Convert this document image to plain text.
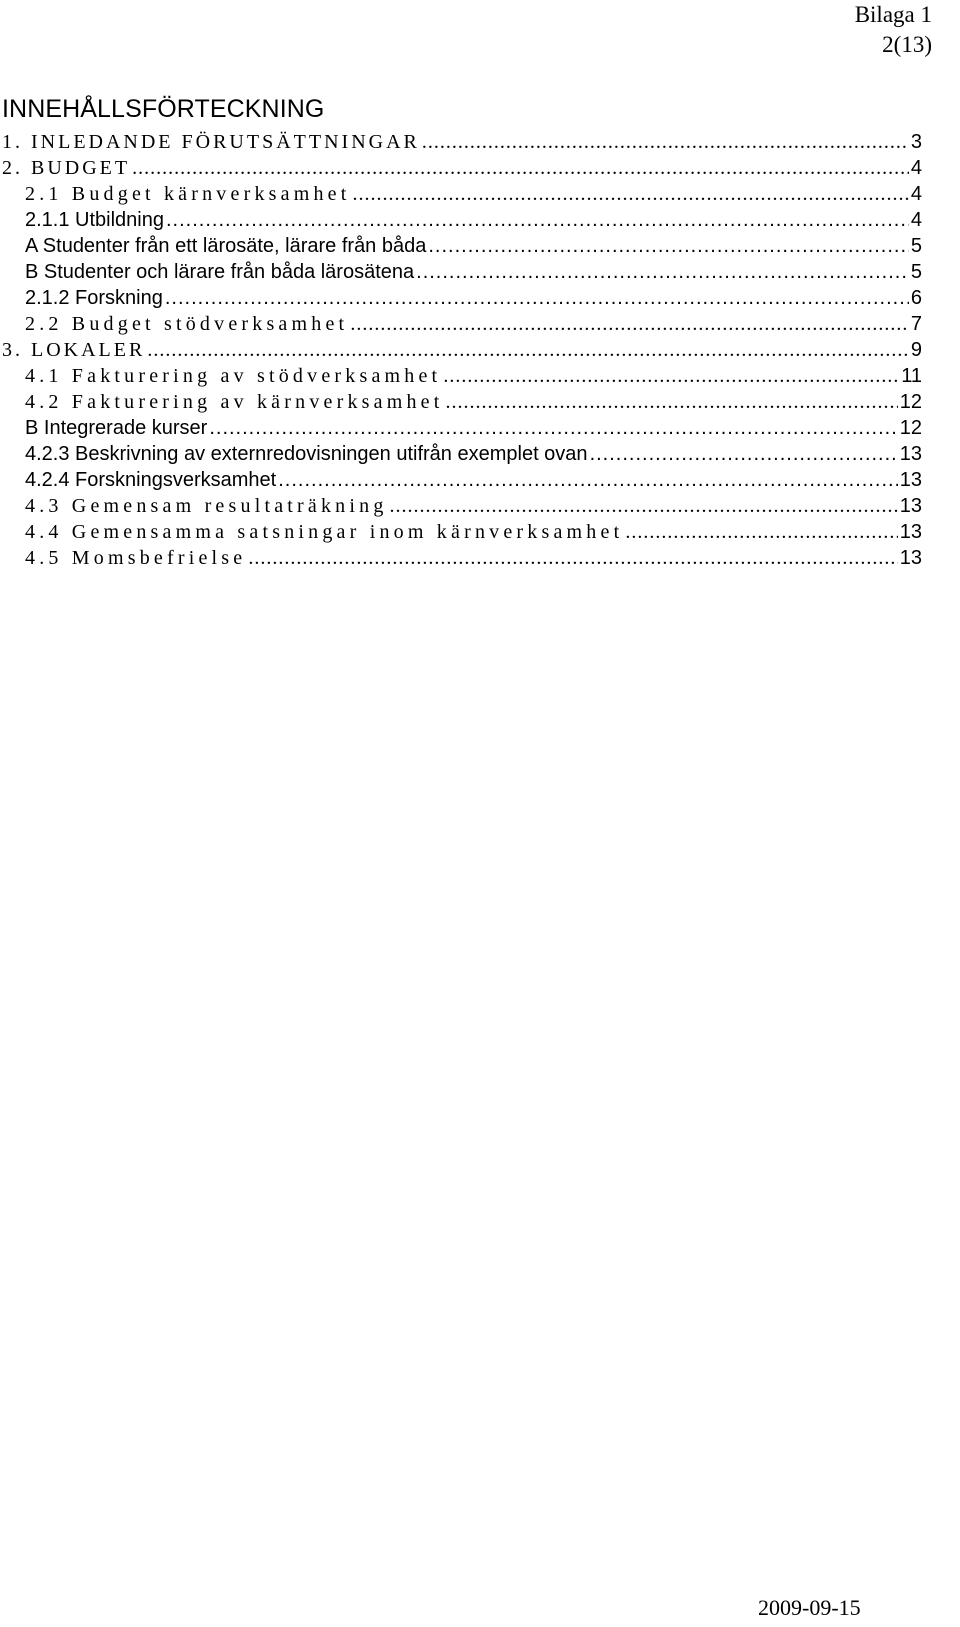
Bilaga 1
2(13)
INNEHÅLLSFÖRTECKNING
1. INLEDANDE FÖRUTSÄTTNINGAR .....	3
2. BUDGET .....	4
2.1 Budget kärnverksamhet .....	4
2.1.1 Utbildning .....	4
A Studenter från ett lärosäte, lärare från båda .....	5
B Studenter och lärare från båda lärosätena .....	5
2.1.2 Forskning .....	6
2.2 Budget stödverksamhet .....	7
3. LOKALER .....	9
4.1 Fakturering av stödverksamhet .....	11
4.2 Fakturering av kärnverksamhet .....	12
B Integrerade kurser .....	12
4.2.3 Beskrivning av externredovisningen utifrån exemplet ovan .....	13
4.2.4 Forskningsverksamhet .....	13
4.3 Gemensam resultaträkning .....	13
4.4 Gemensamma satsningar inom kärnverksamhet .....	13
4.5 Momsbefrielse .....	13
2009-09-15
